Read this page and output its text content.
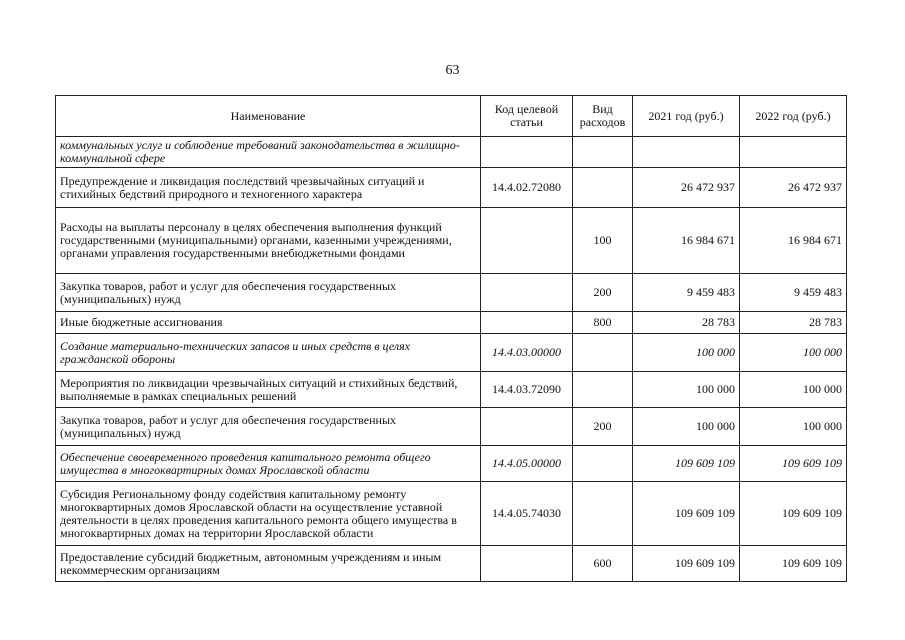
63
Наименование	Код целевой статьи	Вид расходов	2021 год (руб.)	2022 год (руб.)
коммунальных услуг и соблюдение требований законодательства в жилищно-коммунальной сфере				
Предупреждение и ликвидация последствий чрезвычайных ситуаций и стихийных бедствий природного и техногенного характера	14.4.02.72080		26 472 937	26 472 937
Расходы на выплаты персоналу в целях обеспечения выполнения функций государственными (муниципальными) органами, казенными учреждениями, органами управления государственными внебюджетными фондами		100	16 984 671	16 984 671
Закупка товаров, работ и услуг для обеспечения государственных (муниципальных) нужд		200	9 459 483	9 459 483
Иные бюджетные ассигнования		800	28 783	28 783
Создание материально-технических запасов и иных средств в целях гражданской обороны	14.4.03.00000		100 000	100 000
Мероприятия по ликвидации чрезвычайных ситуаций и стихийных бедствий, выполняемые в рамках специальных решений	14.4.03.72090		100 000	100 000
Закупка товаров, работ и услуг для обеспечения государственных (муниципальных) нужд		200	100 000	100 000
Обеспечение своевременного проведения капитального ремонта общего имущества в многоквартирных домах Ярославской области	14.4.05.00000		109 609 109	109 609 109
Субсидия Региональному фонду содействия капитальному ремонту многоквартирных домов Ярославской области на осуществление уставной деятельности в целях проведения капитального ремонта общего имущества в многоквартирных домах на территории Ярославской области	14.4.05.74030		109 609 109	109 609 109
Предоставление субсидий бюджетным, автономным учреждениям и иным некоммерческим организациям		600	109 609 109	109 609 109
